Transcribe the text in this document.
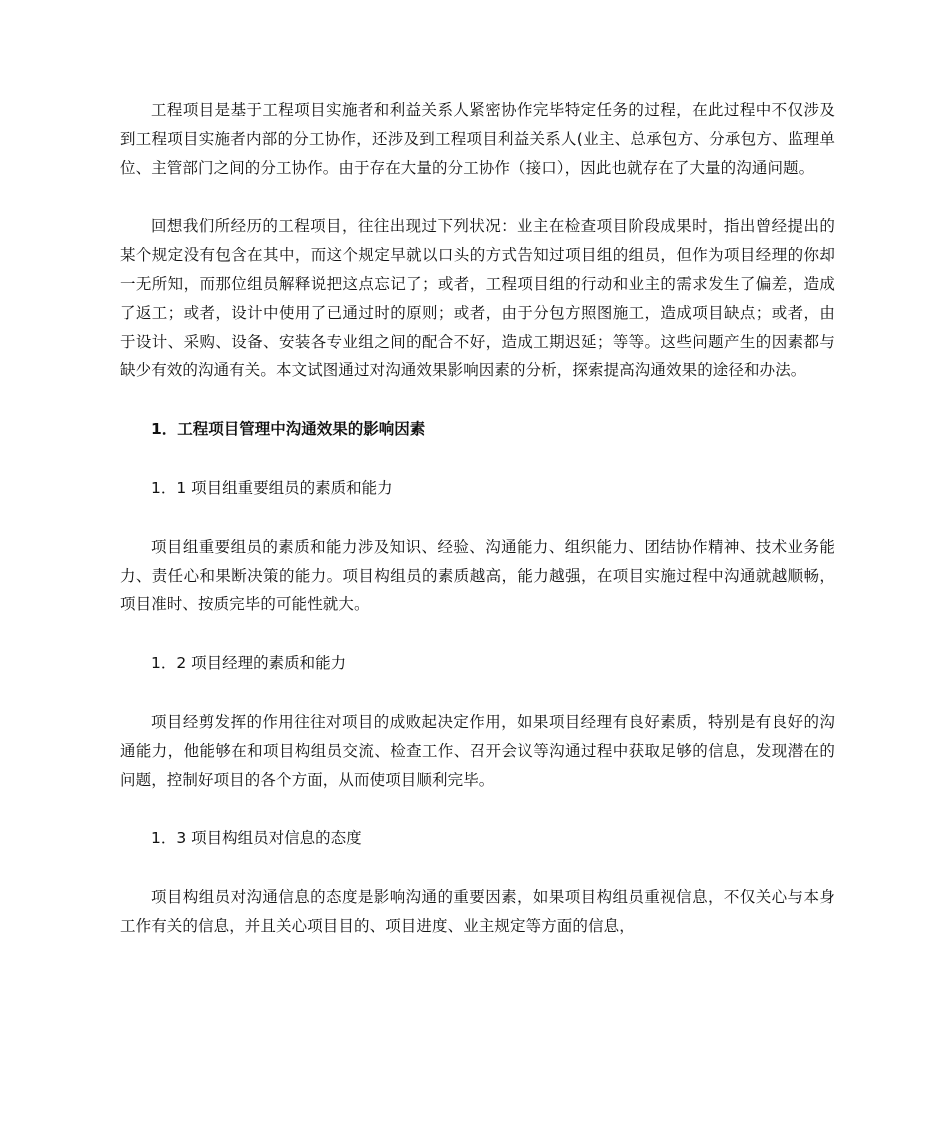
工程项目是基于工程项目实施者和利益关系人紧密协作完毕特定任务的过程，在此过程中不仅涉及到工程项目实施者内部的分工协作，还涉及到工程项目利益关系人(业主、总承包方、分承包方、监理单位、主管部门之间的分工协作。由于存在大量的分工协作（接口），因此也就存在了大量的沟通问题。

回想我们所经历的工程项目，往往出现过下列状况：业主在检查项目阶段成果时，指出曾经提出的某个规定没有包含在其中，而这个规定早就以口头的方式告知过项目组的组员，但作为项目经理的你却一无所知，而那位组员解释说把这点忘记了；或者，工程项目组的行动和业主的需求发生了偏差，造成了返工；或者，设计中使用了已通过时的原则；或者，由于分包方照图施工，造成项目缺点；或者，由于设计、采购、设备、安装各专业组之间的配合不好，造成工期迟延；等等。这些问题产生的因素都与缺少有效的沟通有关。本文试图通过对沟通效果影响因素的分析，探索提高沟通效果的途径和办法。

1．工程项目管理中沟通效果的影响因素

1．1 项目组重要组员的素质和能力

项目组重要组员的素质和能力涉及知识、经验、沟通能力、组织能力、团结协作精神、技术业务能力、责任心和果断决策的能力。项目构组员的素质越高，能力越强，在项目实施过程中沟通就越顺畅，项目准时、按质完毕的可能性就大。

1．2 项目经理的素质和能力

项目经剪发挥的作用往往对项目的成败起决定作用，如果项目经理有良好素质，特别是有良好的沟通能力，他能够在和项目构组员交流、检查工作、召开会议等沟通过程中获取足够的信息，发现潜在的问题，控制好项目的各个方面，从而使项目顺利完毕。

1．3 项目构组员对信息的态度

项目构组员对沟通信息的态度是影响沟通的重要因素，如果项目构组员重视信息，不仅关心与本身工作有关的信息，并且关心项目目的、项目进度、业主规定等方面的信息，
